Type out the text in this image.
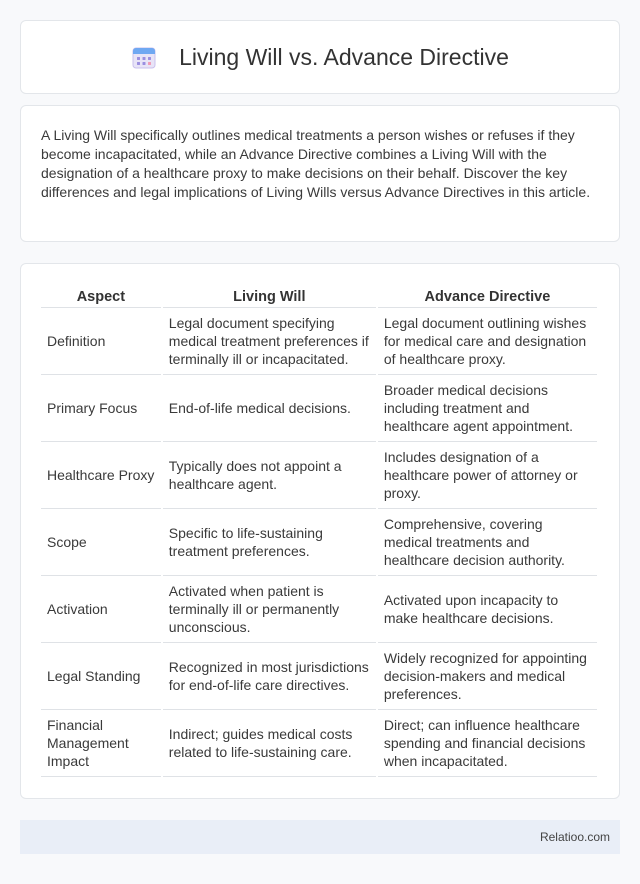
Living Will vs. Advance Directive

A Living Will specifically outlines medical treatments a person wishes or refuses if they become incapacitated, while an Advance Directive combines a Living Will with the designation of a healthcare proxy to make decisions on their behalf. Discover the key differences and legal implications of Living Wills versus Advance Directives in this article.

Aspect	Living Will	Advance Directive
Definition	Legal document specifying medical treatment preferences if terminally ill or incapacitated.	Legal document outlining wishes for medical care and designation of healthcare proxy.
Primary Focus	End-of-life medical decisions.	Broader medical decisions including treatment and healthcare agent appointment.
Healthcare Proxy	Typically does not appoint a healthcare agent.	Includes designation of a healthcare power of attorney or proxy.
Scope	Specific to life-sustaining treatment preferences.	Comprehensive, covering medical treatments and healthcare decision authority.
Activation	Activated when patient is terminally ill or permanently unconscious.	Activated upon incapacity to make healthcare decisions.
Legal Standing	Recognized in most jurisdictions for end-of-life care directives.	Widely recognized for appointing decision-makers and medical preferences.
Financial Management Impact	Indirect; guides medical costs related to life-sustaining care.	Direct; can influence healthcare spending and financial decisions when incapacitated.
Relatioo.com
